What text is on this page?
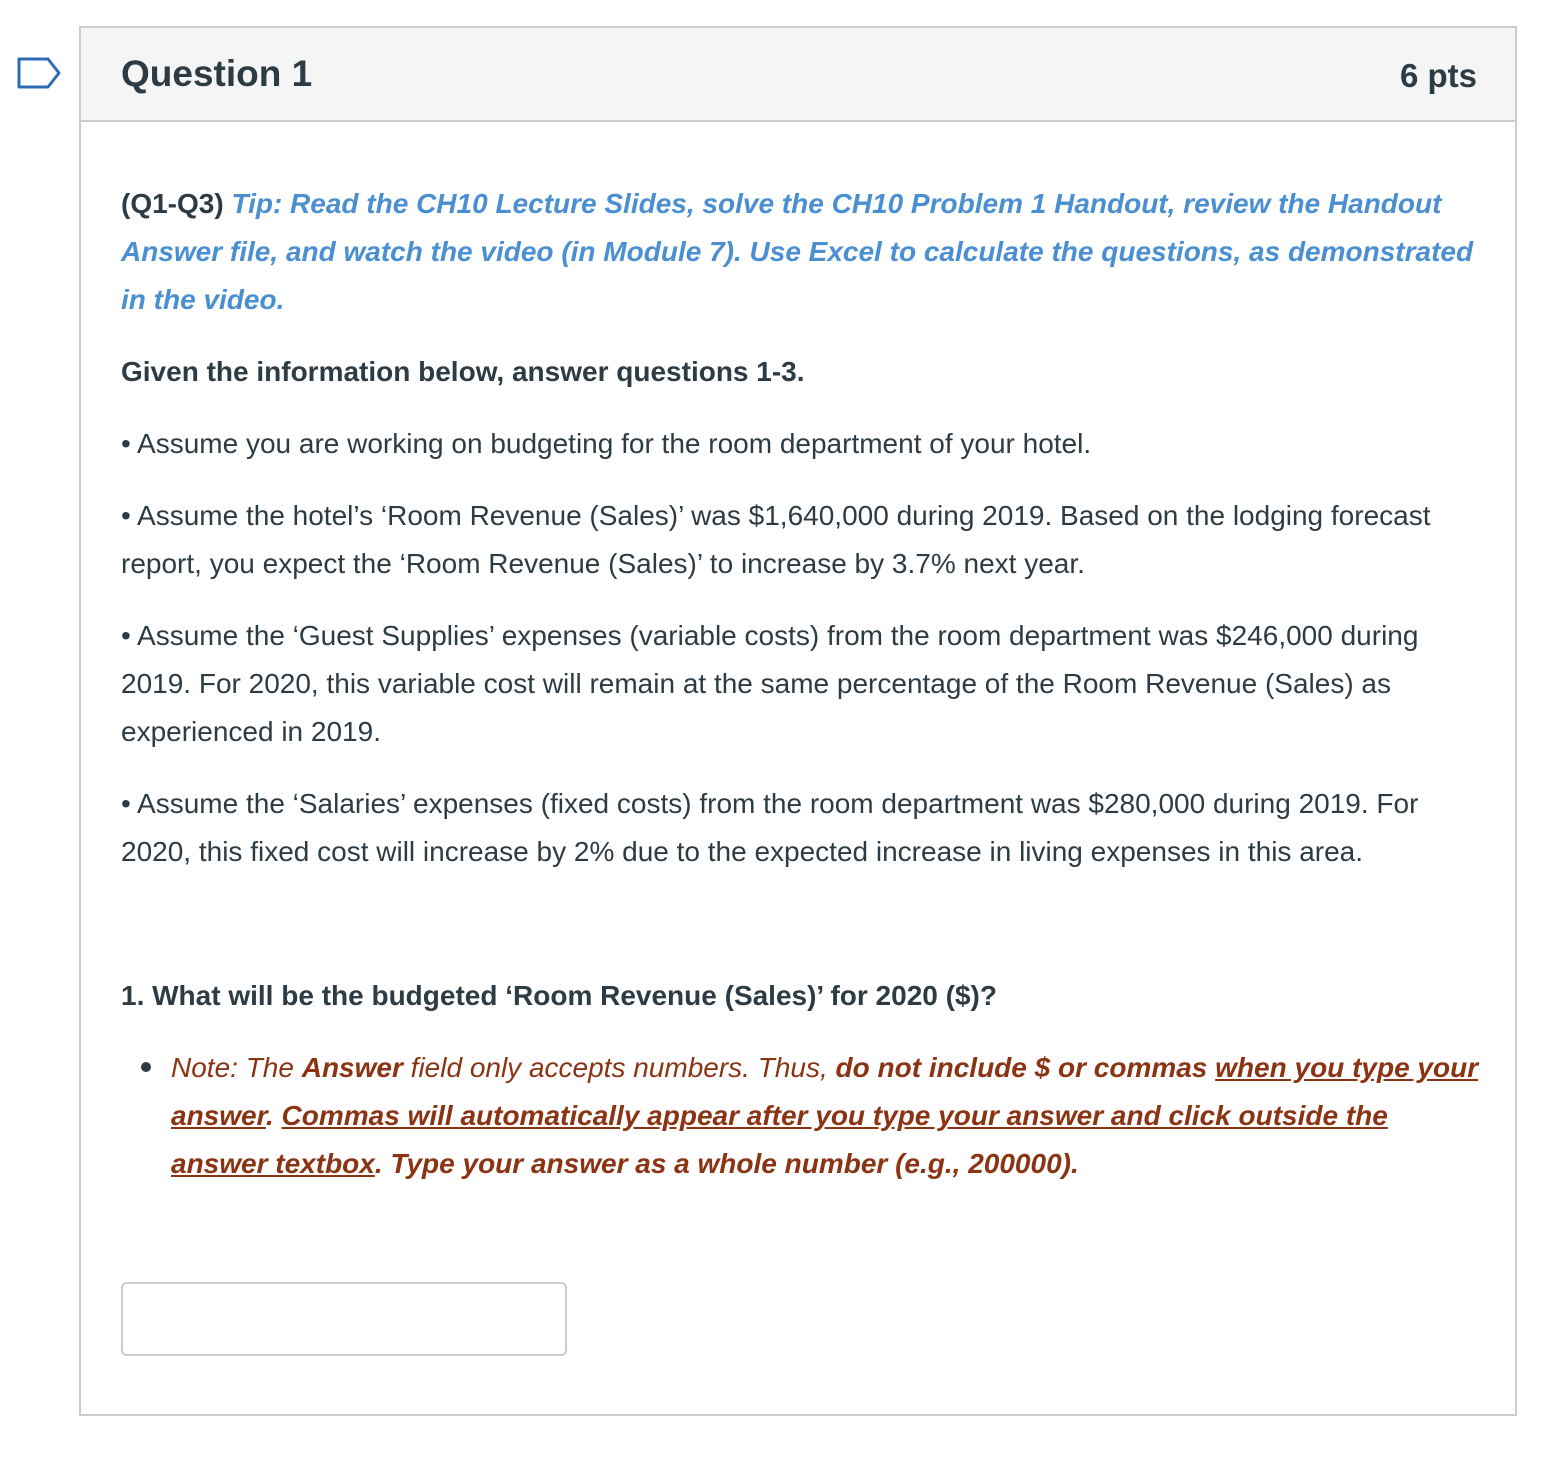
Question 1	6 pts

(Q1-Q3) Tip: Read the CH10 Lecture Slides, solve the CH10 Problem 1 Handout, review the Handout Answer file, and watch the video (in Module 7). Use Excel to calculate the questions, as demonstrated in the video.

Given the information below, answer questions 1-3.

• Assume you are working on budgeting for the room department of your hotel.

• Assume the hotel’s ‘Room Revenue (Sales)’ was $1,640,000 during 2019. Based on the lodging forecast report, you expect the ‘Room Revenue (Sales)’ to increase by 3.7% next year.

• Assume the ‘Guest Supplies’ expenses (variable costs) from the room department was $246,000 during 2019. For 2020, this variable cost will remain at the same percentage of the Room Revenue (Sales) as experienced in 2019.

• Assume the ‘Salaries’ expenses (fixed costs) from the room department was $280,000 during 2019. For 2020, this fixed cost will increase by 2% due to the expected increase in living expenses in this area.

1. What will be the budgeted ‘Room Revenue (Sales)’ for 2020 ($)?

Note: The Answer field only accepts numbers. Thus, do not include $ or commas when you type your answer. Commas will automatically appear after you type your answer and click outside the answer textbox. Type your answer as a whole number (e.g., 200000).
